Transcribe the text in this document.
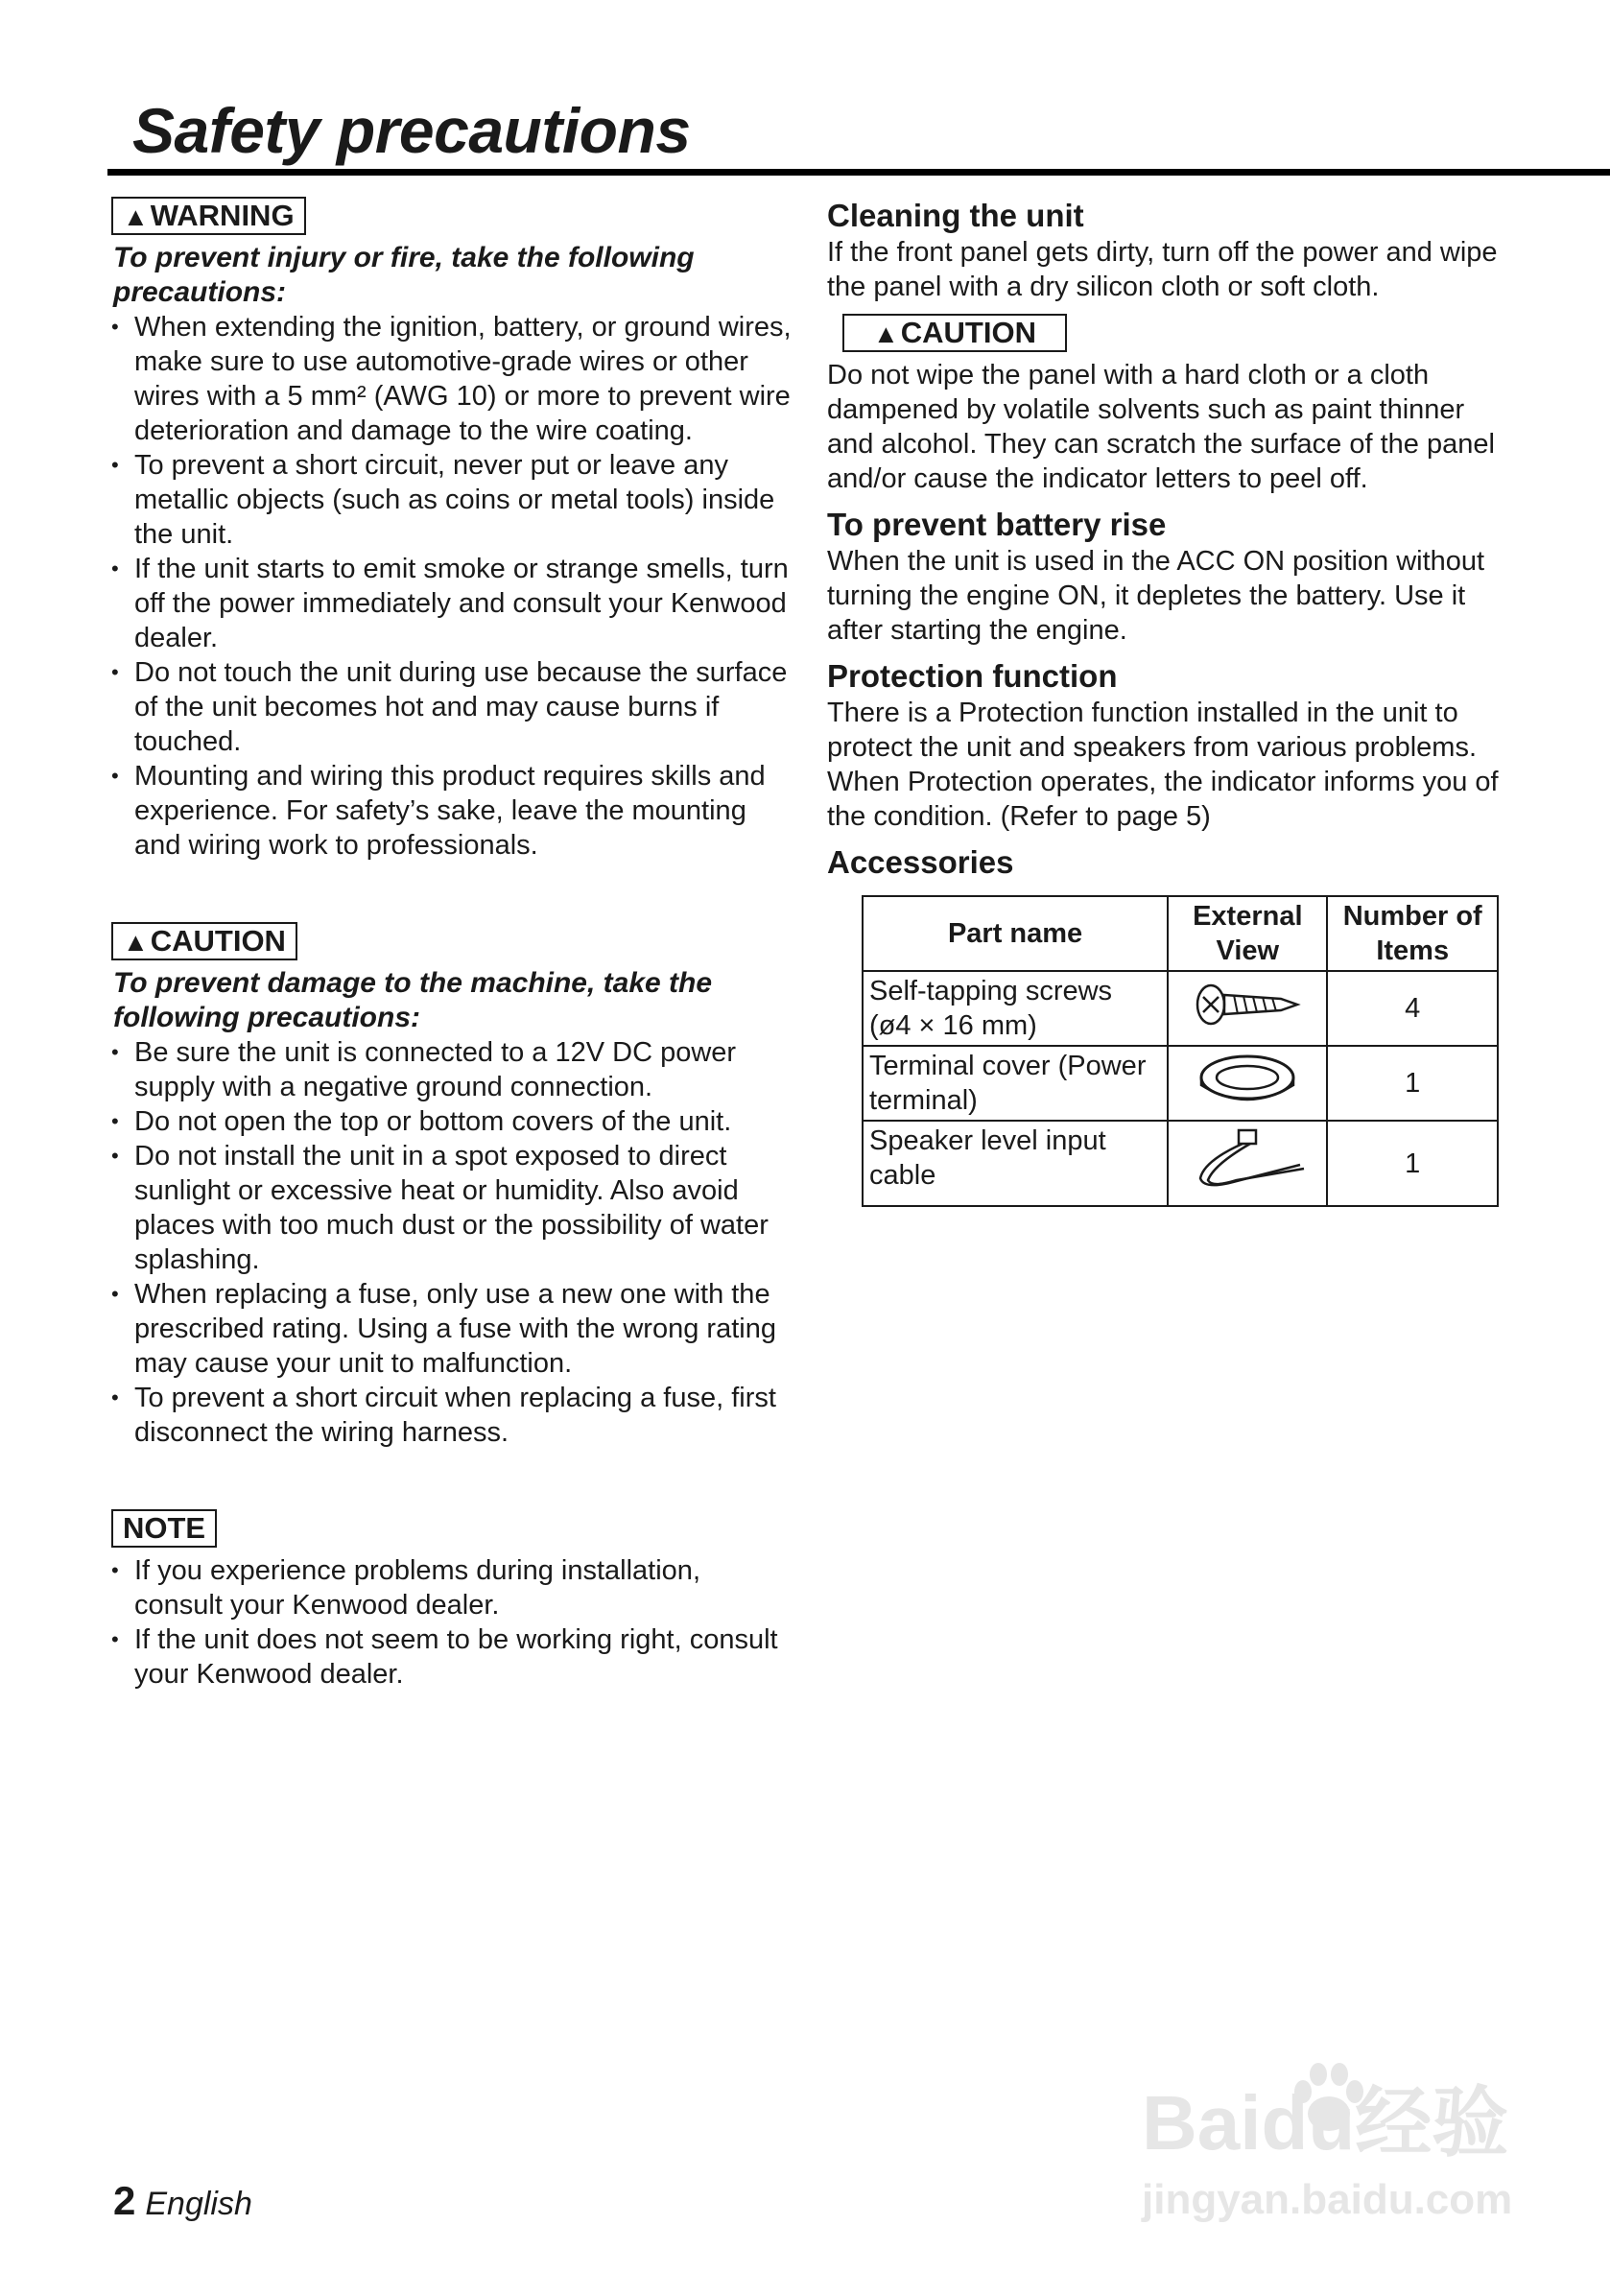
Safety precautions
▲WARNING
To prevent injury or fire, take the following precautions:
• When extending the ignition, battery, or ground wires, make sure to use automotive-grade wires or other wires with a 5 mm² (AWG 10) or more to prevent wire deterioration and damage to the wire coating.
• To prevent a short circuit, never put or leave any metallic objects (such as coins or metal tools) inside the unit.
• If the unit starts to emit smoke or strange smells, turn off the power immediately and consult your Kenwood dealer.
• Do not touch the unit during use because the surface of the unit becomes hot and may cause burns if touched.
• Mounting and wiring this product requires skills and experience. For safety’s sake, leave the mounting and wiring work to professionals.
▲CAUTION
To prevent damage to the machine, take the following precautions:
• Be sure the unit is connected to a 12V DC power supply with a negative ground connection.
• Do not open the top or bottom covers of the unit.
• Do not install the unit in a spot exposed to direct sunlight or excessive heat or humidity. Also avoid places with too much dust or the possibility of water splashing.
• When replacing a fuse, only use a new one with the prescribed rating. Using a fuse with the wrong rating may cause your unit to malfunction.
• To prevent a short circuit when replacing a fuse, first disconnect the wiring harness.
NOTE
• If you experience problems during installation, consult your Kenwood dealer.
• If the unit does not seem to be working right, consult your Kenwood dealer.
Cleaning the unit

If the front panel gets dirty, turn off the power and wipe the panel with a dry silicon cloth or soft cloth.

▲CAUTION

Do not wipe the panel with a hard cloth or a cloth dampened by volatile solvents such as paint thinner and alcohol. They can scratch the surface of the panel and/or cause the indicator letters to peel off.

To prevent battery rise

When the unit is used in the ACC ON position without turning the engine ON, it depletes the battery. Use it after starting the engine.

Protection function

There is a Protection function installed in the unit to protect the unit and speakers from various problems. When Protection operates, the indicator informs you of the condition. (Refer to page 5)

Accessories
Part name	External View	Number of Items
Self-tapping screws (ø4 × 16 mm)		4
Terminal cover (Power terminal)		1
Speaker level input cable		1
2 English
Baidu经验
jingyan.baidu.com
